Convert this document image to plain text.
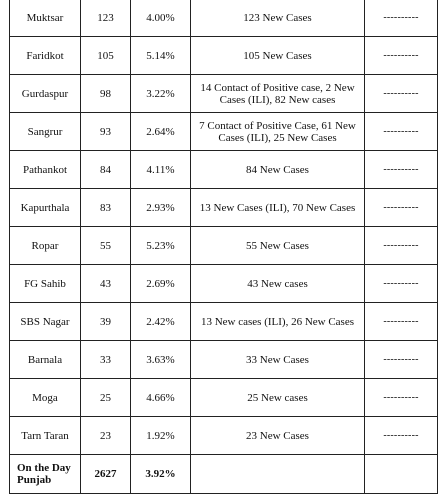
Muktsar	123	4.00%	123 New Cases	----------
Faridkot	105	5.14%	105 New Cases	----------
Gurdaspur	98	3.22%	14 Contact of Positive case, 2 New Cases (ILI), 82 New cases	----------
Sangrur	93	2.64%	7 Contact of Positive Case, 61 New Cases (ILI), 25 New Cases	----------
Pathankot	84	4.11%	84 New Cases	----------
Kapurthala	83	2.93%	13 New Cases (ILI), 70 New Cases	----------
Ropar	55	5.23%	55 New Cases	----------
FG Sahib	43	2.69%	43 New cases	----------
SBS Nagar	39	2.42%	13 New cases (ILI), 26 New Cases	----------
Barnala	33	3.63%	33 New Cases	----------
Moga	25	4.66%	25 New cases	----------
Tarn Taran	23	1.92%	23 New Cases	----------
On the Day Punjab	2627	3.92%		
